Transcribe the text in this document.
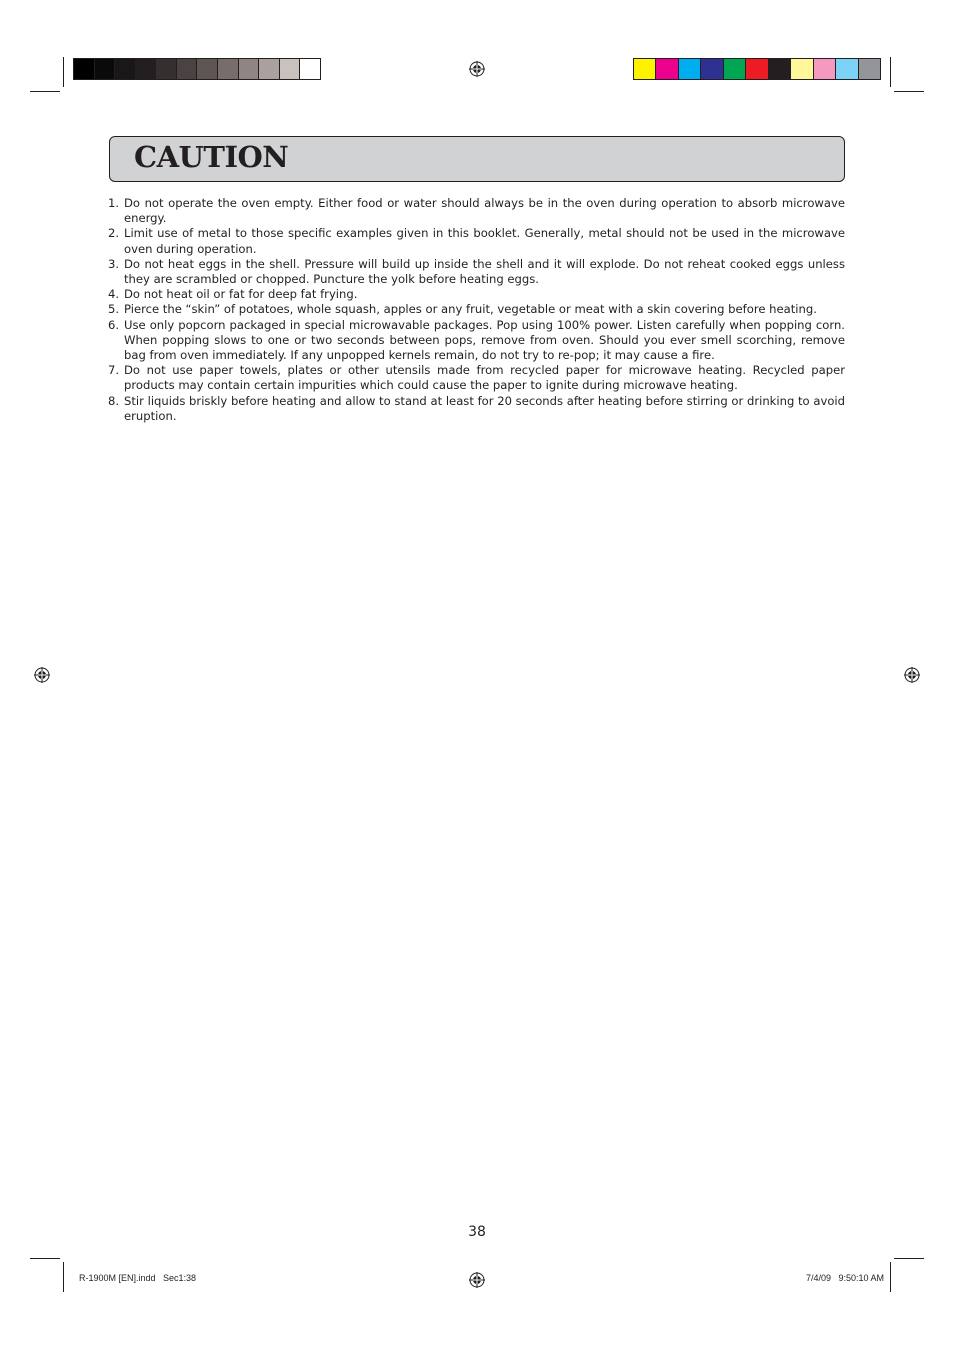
CAUTION
1. Do not operate the oven empty. Either food or water should always be in the oven during operation to absorb microwave energy.
2. Limit use of metal to those specific examples given in this booklet. Generally, metal should not be used in the microwave oven during operation.
3. Do not heat eggs in the shell. Pressure will build up inside the shell and it will explode. Do not reheat cooked eggs unless they are scrambled or chopped. Puncture the yolk before heating eggs.
4. Do not heat oil or fat for deep fat frying.
5. Pierce the “skin” of potatoes, whole squash, apples or any fruit, vegetable or meat with a skin covering before heating.
6. Use only popcorn packaged in special microwavable packages. Pop using 100% power. Listen carefully when popping corn. When popping slows to one or two seconds between pops, remove from oven. Should you ever smell scorching, remove bag from oven immediately. If any unpopped kernels remain, do not try to re-pop; it may cause a fire.
7. Do not use paper towels, plates or other utensils made from recycled paper for microwave heating. Recycled paper products may contain certain impurities which could cause the paper to ignite during microwave heating.
8. Stir liquids briskly before heating and allow to stand at least for 20 seconds after heating before stirring or drinking to avoid eruption.
38
R-1900M [EN].indd   Sec1:38	7/4/09   9:50:10 AM
